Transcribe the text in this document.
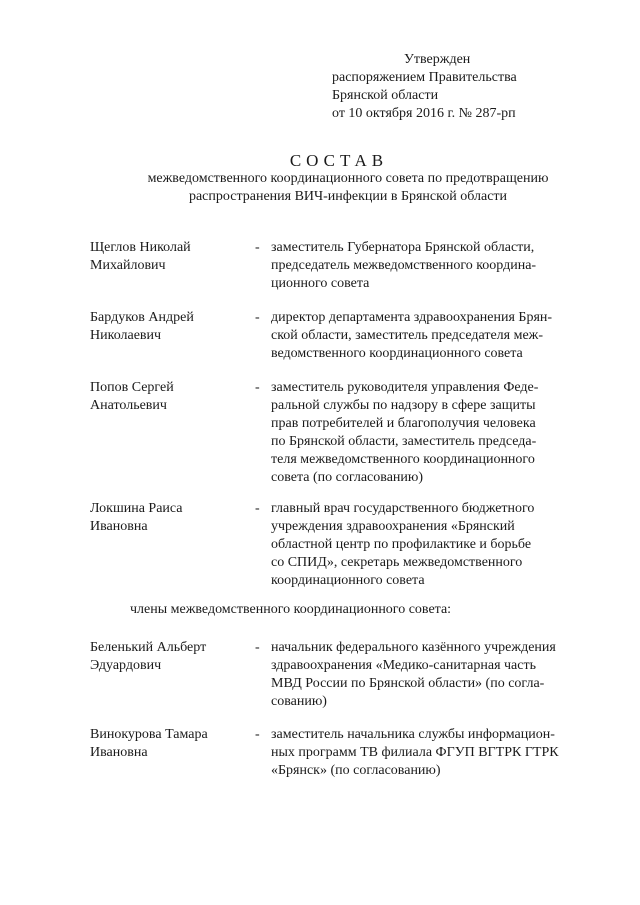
Утвержден
распоряжением Правительства
Брянской области
от 10 октября 2016 г. № 287-рп
СОСТАВ
межведомственного координационного совета по предотвращению
распространения ВИЧ-инфекции в Брянской области
Щеглов Николай Михайлович
- заместитель Губернатора Брянской области,
председатель межведомственного координа-
ционного совета
Бардуков Андрей Николаевич
- директор департамента здравоохранения Брян-
ской области, заместитель председателя меж-
ведомственного координационного совета
Попов Сергей Анатольевич
- заместитель руководителя управления Феде-
ральной службы по надзору в сфере защиты
прав потребителей и благополучия человека
по Брянской области, заместитель председа-
теля межведомственного координационного
совета (по согласованию)
Локшина Раиса Ивановна
- главный врач государственного бюджетного
учреждения здравоохранения «Брянский
областной центр по профилактике и борьбе
со СПИД», секретарь межведомственного
координационного совета
члены межведомственного координационного совета:
Беленький Альберт Эдуардович
- начальник федерального казённого учреждения
здравоохранения «Медико-санитарная часть
МВД России по Брянской области» (по согла-
сованию)
Винокурова Тамара Ивановна
- заместитель начальника службы информацион-
ных программ ТВ филиала ФГУП ВГТРК ГТРК
«Брянск» (по согласованию)
